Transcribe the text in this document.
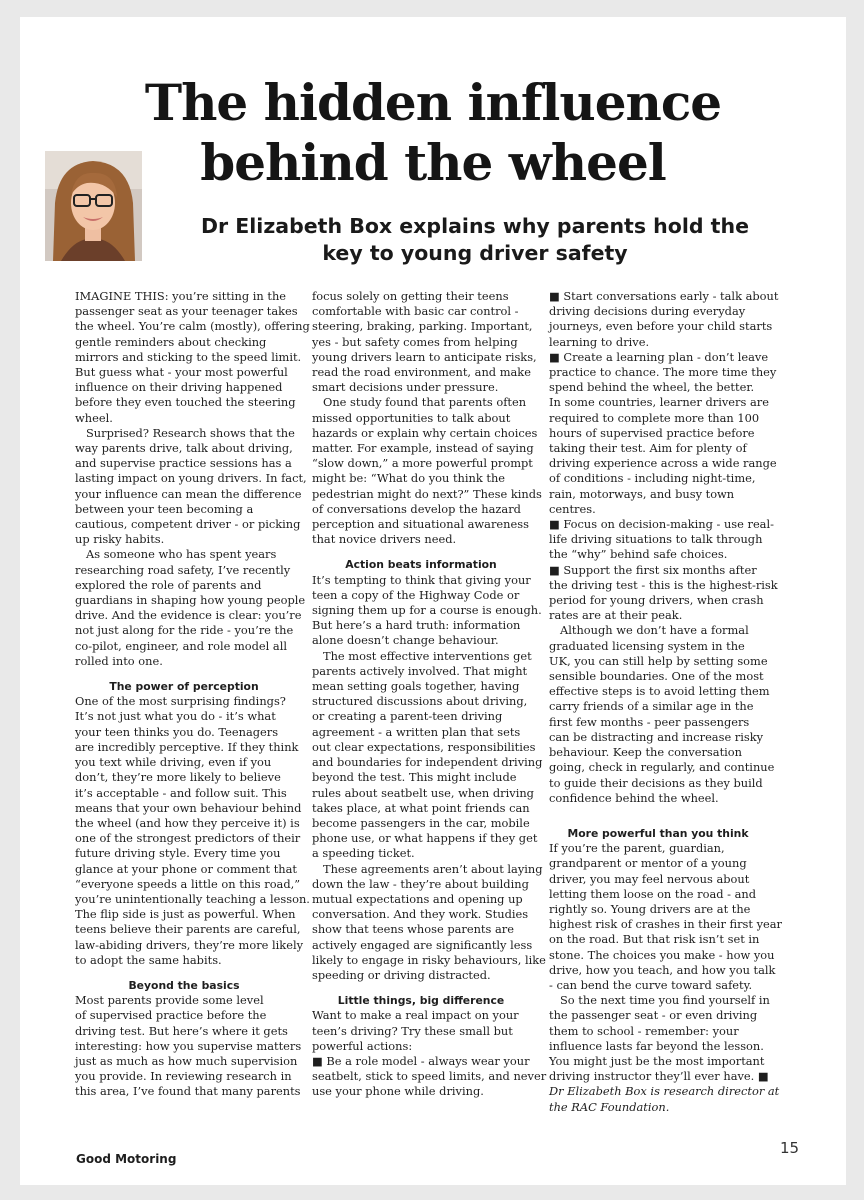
The hidden influence
behind the wheel
Dr Elizabeth Box explains why parents hold the
key to young driver safety
IMAGINE THIS: you’re sitting in the
passenger seat as your teenager takes
the wheel. You’re calm (mostly), offering
gentle reminders about checking
mirrors and sticking to the speed limit.
But guess what - your most powerful
influence on their driving happened
before they even touched the steering
wheel.
Surprised? Research shows that the
way parents drive, talk about driving,
and supervise practice sessions has a
lasting impact on young drivers. In fact,
your influence can mean the difference
between your teen becoming a
cautious, competent driver - or picking
up risky habits.
As someone who has spent years
researching road safety, I’ve recently
explored the role of parents and
guardians in shaping how young people
drive. And the evidence is clear: you’re
not just along for the ride - you’re the
co-pilot, engineer, and role model all
rolled into one.
The power of perception
One of the most surprising findings?
It’s not just what you do - it’s what
your teen thinks you do. Teenagers
are incredibly perceptive. If they think
you text while driving, even if you
don’t, they’re more likely to believe
it’s acceptable - and follow suit. This
means that your own behaviour behind
the wheel (and how they perceive it) is
one of the strongest predictors of their
future driving style. Every time you
glance at your phone or comment that
“everyone speeds a little on this road,”
you’re unintentionally teaching a lesson.
The flip side is just as powerful. When
teens believe their parents are careful,
law-abiding drivers, they’re more likely
to adopt the same habits.
Beyond the basics
Most parents provide some level
of supervised practice before the
driving test. But here’s where it gets
interesting: how you supervise matters
just as much as how much supervision
you provide. In reviewing research in
this area, I’ve found that many parents
focus solely on getting their teens
comfortable with basic car control -
steering, braking, parking. Important,
yes - but safety comes from helping
young drivers learn to anticipate risks,
read the road environment, and make
smart decisions under pressure.
One study found that parents often
missed opportunities to talk about
hazards or explain why certain choices
matter. For example, instead of saying
“slow down,” a more powerful prompt
might be: “What do you think the
pedestrian might do next?” These kinds
of conversations develop the hazard
perception and situational awareness
that novice drivers need.
Action beats information
It’s tempting to think that giving your
teen a copy of the Highway Code or
signing them up for a course is enough.
But here’s a hard truth: information
alone doesn’t change behaviour.
The most effective interventions get
parents actively involved. That might
mean setting goals together, having
structured discussions about driving,
or creating a parent-teen driving
agreement - a written plan that sets
out clear expectations, responsibilities
and boundaries for independent driving
beyond the test. This might include
rules about seatbelt use, when driving
takes place, at what point friends can
become passengers in the car, mobile
phone use, or what happens if they get
a speeding ticket.
These agreements aren’t about laying
down the law - they’re about building
mutual expectations and opening up
conversation. And they work. Studies
show that teens whose parents are
actively engaged are significantly less
likely to engage in risky behaviours, like
speeding or driving distracted.
Little things, big difference
Want to make a real impact on your
teen’s driving? Try these small but
powerful actions:
■ Be a role model - always wear your
seatbelt, stick to speed limits, and never
use your phone while driving.
■ Start conversations early - talk about
driving decisions during everyday
journeys, even before your child starts
learning to drive.
■ Create a learning plan - don’t leave
practice to chance. The more time they
spend behind the wheel, the better.
In some countries, learner drivers are
required to complete more than 100
hours of supervised practice before
taking their test. Aim for plenty of
driving experience across a wide range
of conditions - including night-time,
rain, motorways, and busy town
centres.
■ Focus on decision-making - use real-
life driving situations to talk through
the “why” behind safe choices.
■ Support the first six months after
the driving test - this is the highest-risk
period for young drivers, when crash
rates are at their peak.
Although we don’t have a formal
graduated licensing system in the
UK, you can still help by setting some
sensible boundaries. One of the most
effective steps is to avoid letting them
carry friends of a similar age in the
first few months - peer passengers
can be distracting and increase risky
behaviour. Keep the conversation
going, check in regularly, and continue
to guide their decisions as they build
confidence behind the wheel.
More powerful than you think
If you’re the parent, guardian,
grandparent or mentor of a young
driver, you may feel nervous about
letting them loose on the road - and
rightly so. Young drivers are at the
highest risk of crashes in their first year
on the road. But that risk isn’t set in
stone. The choices you make - how you
drive, how you teach, and how you talk
- can bend the curve toward safety.
So the next time you find yourself in
the passenger seat - or even driving
them to school - remember: your
influence lasts far beyond the lesson.
You might just be the most important
driving instructor they’ll ever have. ■
Dr Elizabeth Box is research director at
the RAC Foundation.
Good Motoring
15
